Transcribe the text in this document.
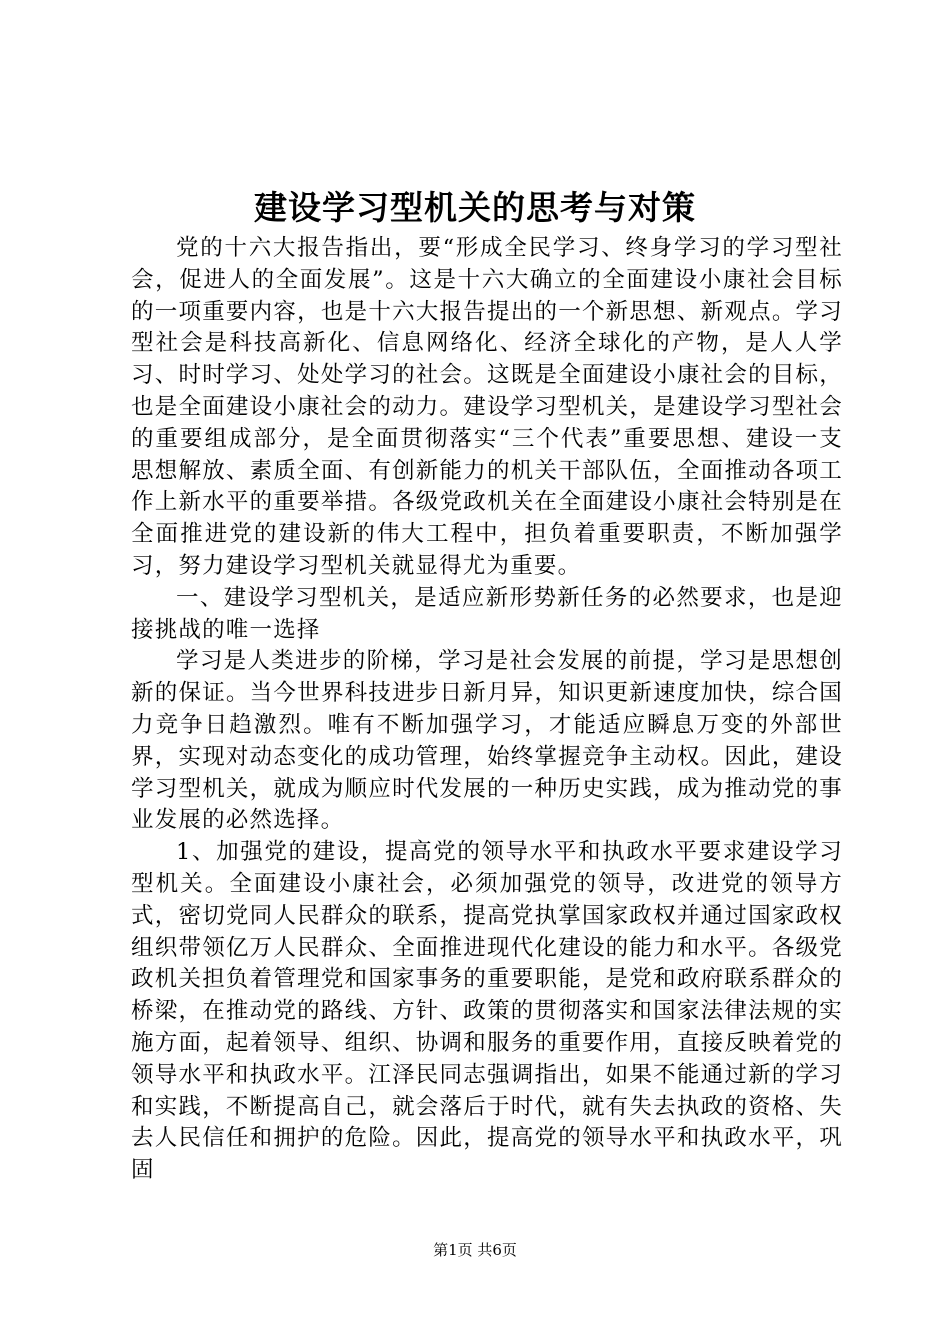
建设学习型机关的思考与对策

党的十六大报告指出，要“形成全民学习、终身学习的学习型社会，促进人的全面发展”。这是十六大确立的全面建设小康社会目标的一项重要内容，也是十六大报告提出的一个新思想、新观点。学习型社会是科技高新化、信息网络化、经济全球化的产物，是人人学习、时时学习、处处学习的社会。这既是全面建设小康社会的目标，也是全面建设小康社会的动力。建设学习型机关，是建设学习型社会的重要组成部分，是全面贯彻落实“三个代表”重要思想、建设一支思想解放、素质全面、有创新能力的机关干部队伍，全面推动各项工作上新水平的重要举措。各级党政机关在全面建设小康社会特别是在全面推进党的建设新的伟大工程中，担负着重要职责，不断加强学习，努力建设学习型机关就显得尤为重要。

一、建设学习型机关，是适应新形势新任务的必然要求，也是迎接挑战的唯一选择

学习是人类进步的阶梯，学习是社会发展的前提，学习是思想创新的保证。当今世界科技进步日新月异，知识更新速度加快，综合国力竞争日趋激烈。唯有不断加强学习，才能适应瞬息万变的外部世界，实现对动态变化的成功管理，始终掌握竞争主动权。因此，建设学习型机关，就成为顺应时代发展的一种历史实践，成为推动党的事业发展的必然选择。

1、加强党的建设，提高党的领导水平和执政水平要求建设学习型机关。全面建设小康社会，必须加强党的领导，改进党的领导方式，密切党同人民群众的联系，提高党执掌国家政权并通过国家政权组织带领亿万人民群众、全面推进现代化建设的能力和水平。各级党政机关担负着管理党和国家事务的重要职能，是党和政府联系群众的桥梁，在推动党的路线、方针、政策的贯彻落实和国家法律法规的实施方面，起着领导、组织、协调和服务的重要作用，直接反映着党的领导水平和执政水平。江泽民同志强调指出，如果不能通过新的学习和实践，不断提高自己，就会落后于时代，就有失去执政的资格、失去人民信任和拥护的危险。因此，提高党的领导水平和执政水平，巩固

第1页 共6页
